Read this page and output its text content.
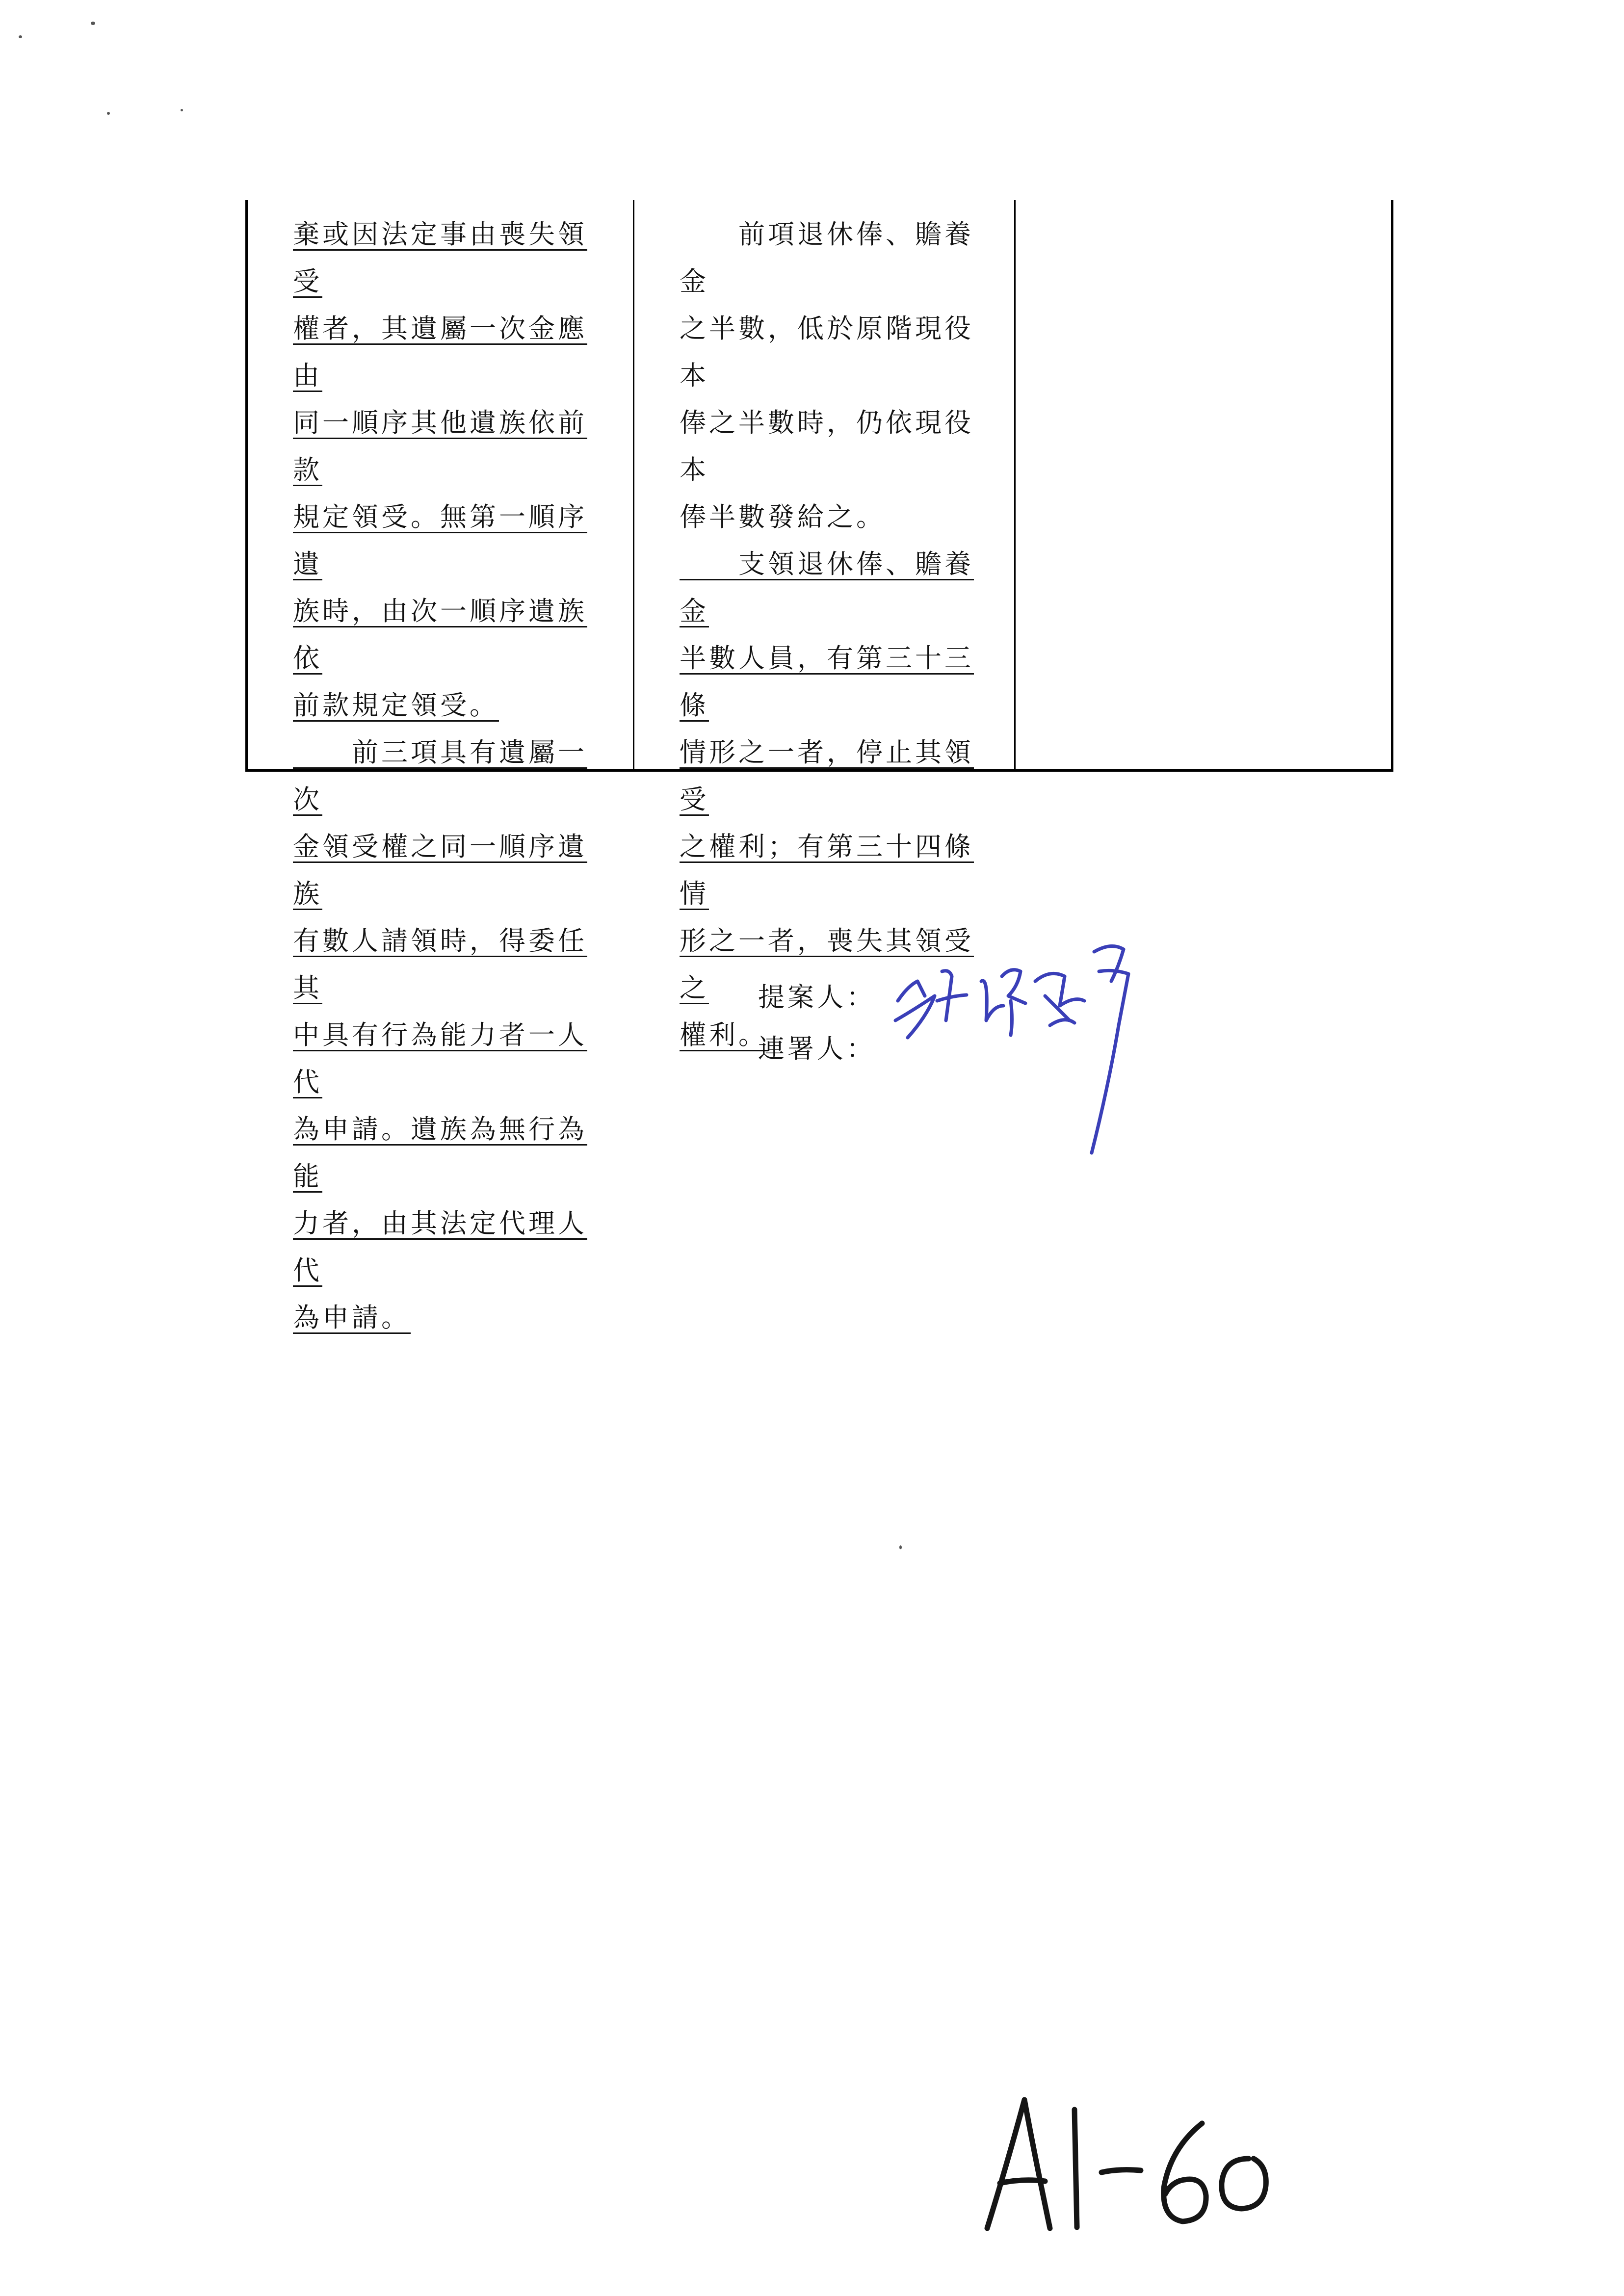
棄或因法定事由喪失領受
權者，其遺屬一次金應由
同一順序其他遺族依前款
規定領受。無第一順序遺
族時，由次一順序遺族依
前款規定領受。

　　前三項具有遺屬一次
金領受權之同一順序遺族
有數人請領時，得委任其
中具有行為能力者一人代
為申請。遺族為無行為能
力者，由其法定代理人代
為申請。

　　前項退休俸、贍養金
之半數，低於原階現役本
俸之半數時，仍依現役本
俸半數發給之。

　　支領退休俸、贍養金
半數人員，有第三十三條
情形之一者，停止其領受
之權利；有第三十四條情
形之一者，喪失其領受之
權利。

提案人：

連署人：
